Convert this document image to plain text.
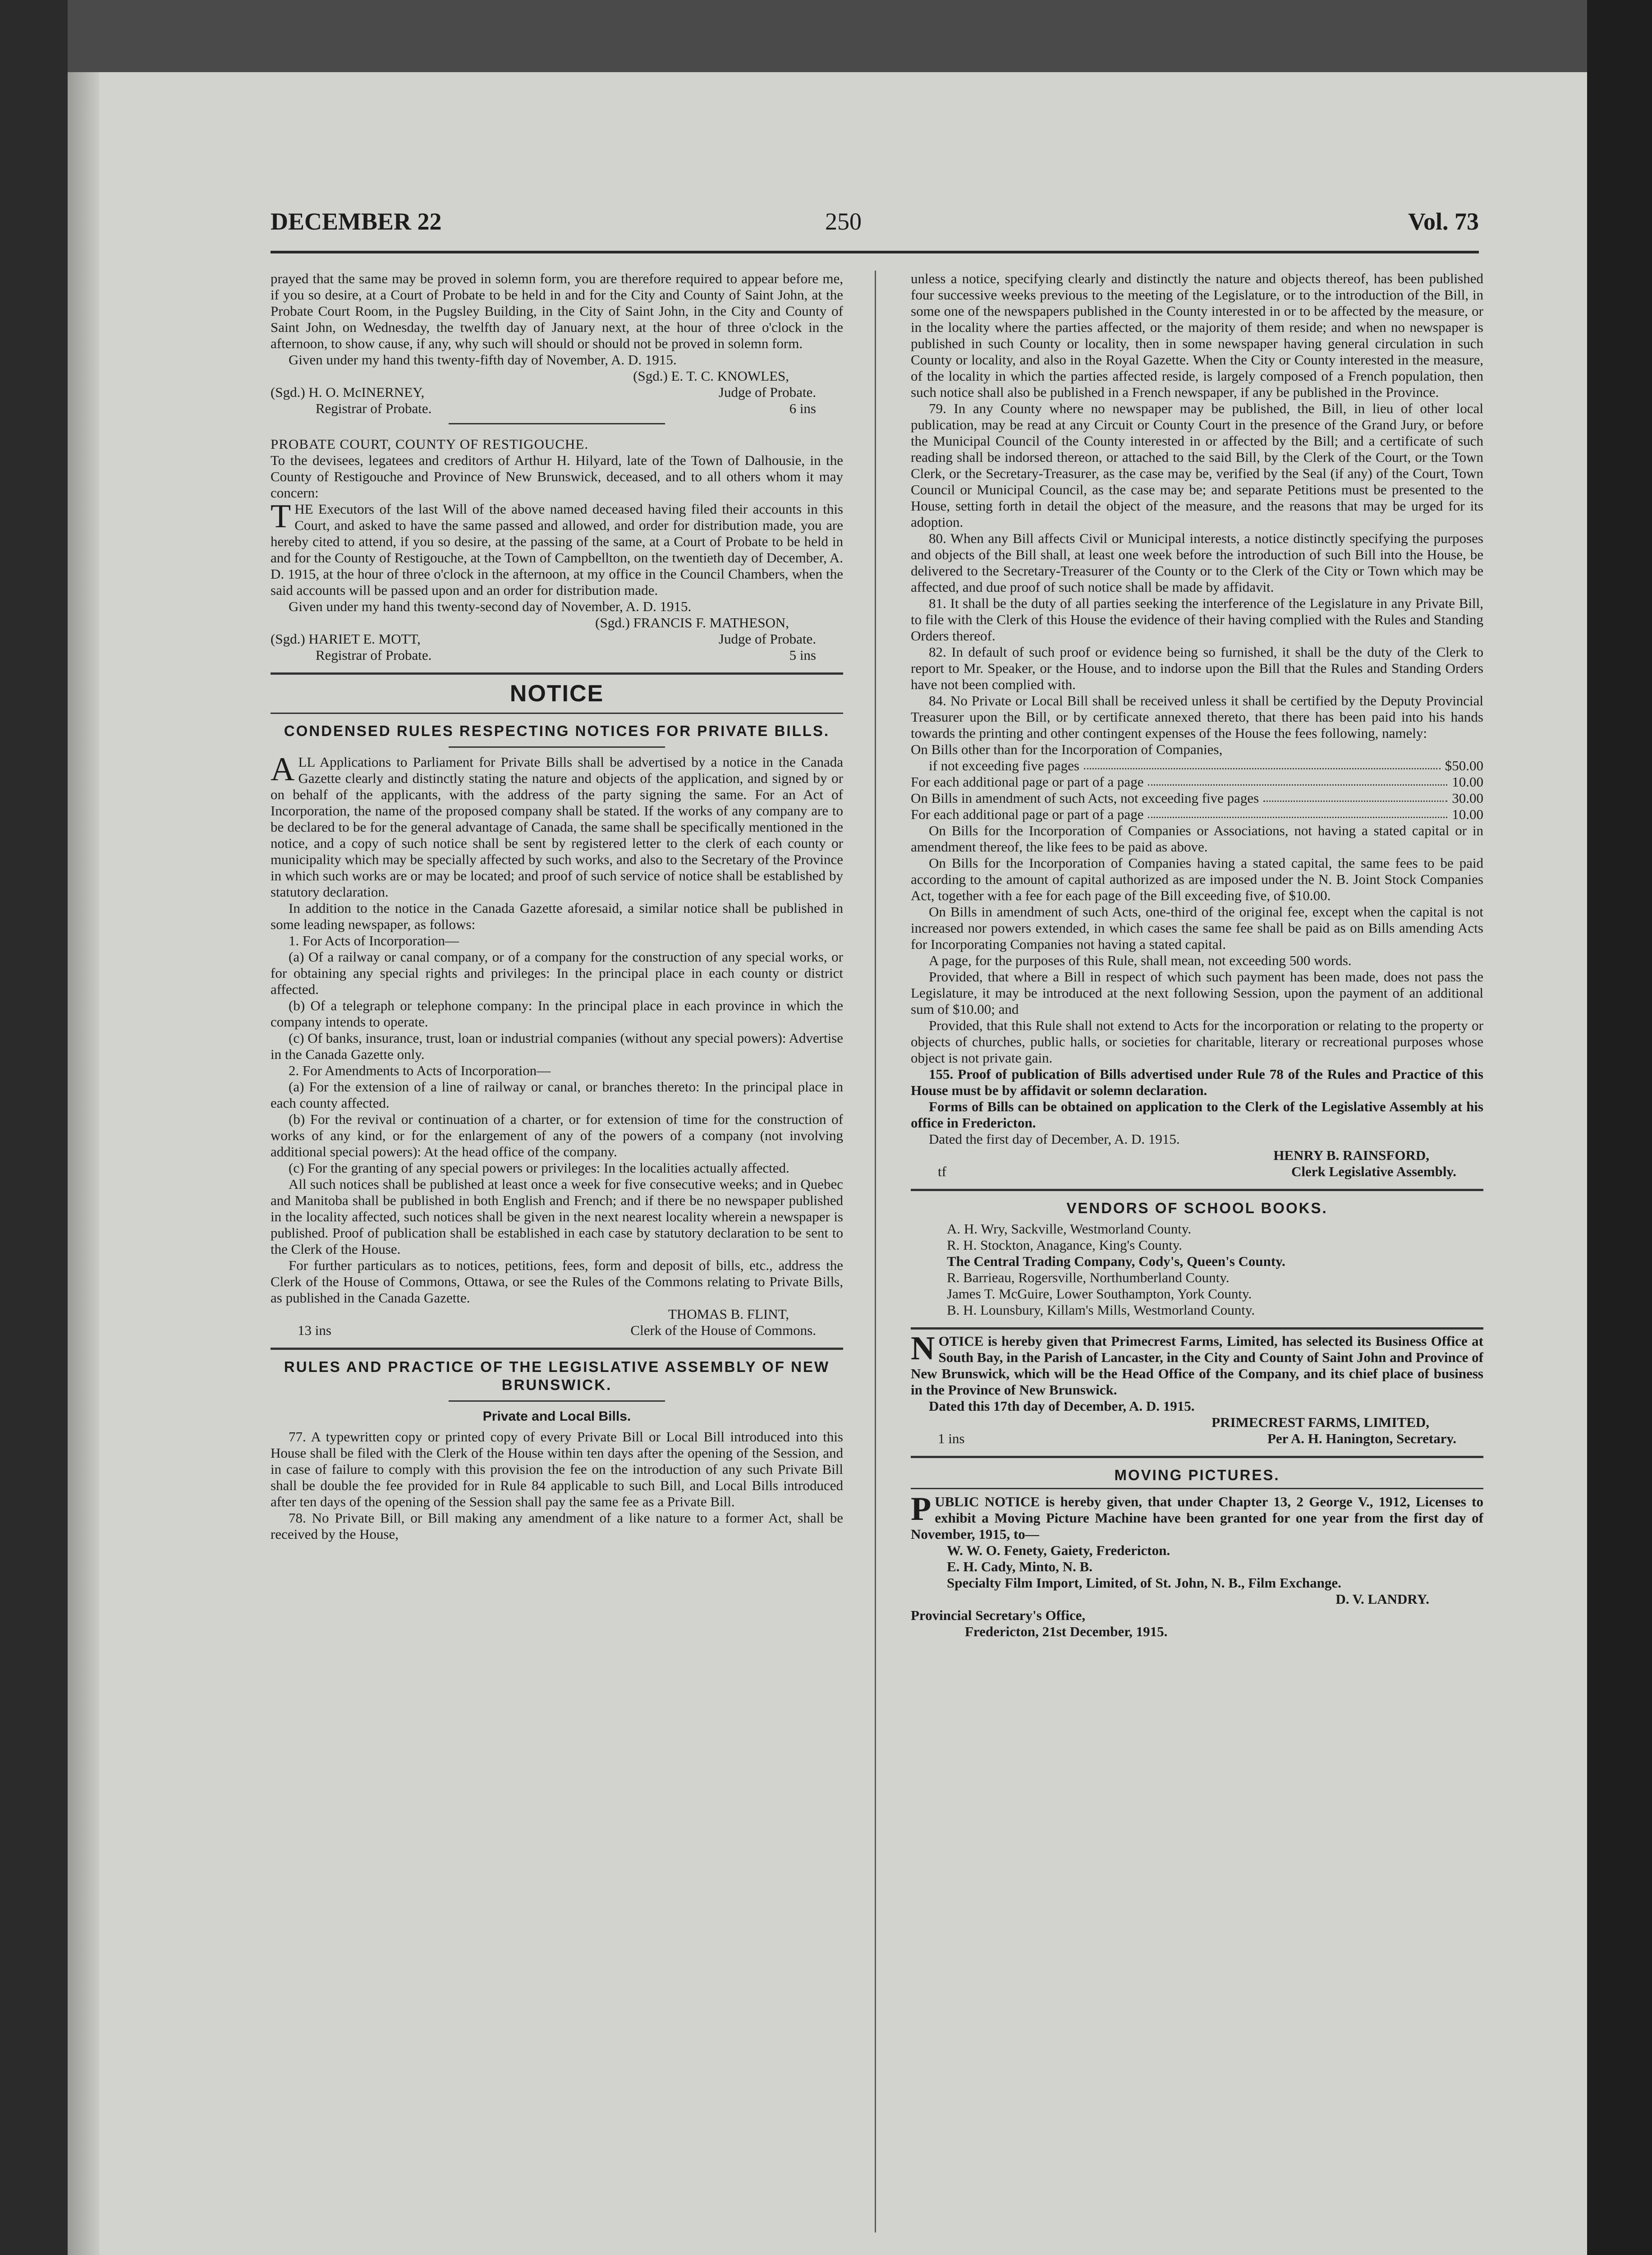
DECEMBER 22	250	Vol. 73

prayed that the same may be proved in solemn form, you are therefore required to appear before me, if you so desire, at a Court of Probate to be held in and for the City and County of Saint John, at the Probate Court Room, in the Pugsley Building, in the City of Saint John, in the City and County of Saint John, on Wednesday, the twelfth day of January next, at the hour of three o'clock in the afternoon, to show cause, if any, why such will should or should not be proved in solemn form.

Given under my hand this twenty-fifth day of November, A. D. 1915.

(Sgd.) E. T. C. KNOWLES,

(Sgd.) H. O. McINERNEY,	Judge of Probate.
Registrar of Probate.	6 ins

PROBATE COURT, COUNTY OF RESTIGOUCHE.

To the devisees, legatees and creditors of Arthur H. Hilyard, late of the Town of Dalhousie, in the County of Restigouche and Province of New Brunswick, deceased, and to all others whom it may concern:

THE Executors of the last Will of the above named deceased having filed their accounts in this Court, and asked to have the same passed and allowed, and order for distribution made, you are hereby cited to attend, if you so desire, at the passing of the same, at a Court of Probate to be held in and for the County of Restigouche, at the Town of Campbellton, on the twentieth day of December, A. D. 1915, at the hour of three o'clock in the afternoon, at my office in the Council Chambers, when the said accounts will be passed upon and an order for distribution made.

Given under my hand this twenty-second day of November, A. D. 1915.

(Sgd.) FRANCIS F. MATHESON,

(Sgd.) HARIET E. MOTT,	Judge of Probate.
Registrar of Probate.	5 ins

NOTICE

CONDENSED RULES RESPECTING NOTICES FOR PRIVATE BILLS.

ALL Applications to Parliament for Private Bills shall be advertised by a notice in the Canada Gazette clearly and distinctly stating the nature and objects of the application, and signed by or on behalf of the applicants, with the address of the party signing the same. For an Act of Incorporation, the name of the proposed company shall be stated. If the works of any company are to be declared to be for the general advantage of Canada, the same shall be specifically mentioned in the notice, and a copy of such notice shall be sent by registered letter to the clerk of each county or municipality which may be specially affected by such works, and also to the Secretary of the Province in which such works are or may be located; and proof of such service of notice shall be established by statutory declaration.

In addition to the notice in the Canada Gazette aforesaid, a similar notice shall be published in some leading newspaper, as follows:

1. For Acts of Incorporation—

(a) Of a railway or canal company, or of a company for the construction of any special works, or for obtaining any special rights and privileges: In the principal place in each county or district affected.

(b) Of a telegraph or telephone company: In the principal place in each province in which the company intends to operate.

(c) Of banks, insurance, trust, loan or industrial companies (without any special powers): Advertise in the Canada Gazette only.

2. For Amendments to Acts of Incorporation—

(a) For the extension of a line of railway or canal, or branches thereto: In the principal place in each county affected.

(b) For the revival or continuation of a charter, or for extension of time for the construction of works of any kind, or for the enlargement of any of the powers of a company (not involving additional special powers): At the head office of the company.

(c) For the granting of any special powers or privileges: In the localities actually affected.

All such notices shall be published at least once a week for five consecutive weeks; and in Quebec and Manitoba shall be published in both English and French; and if there be no newspaper published in the locality affected, such notices shall be given in the next nearest locality wherein a newspaper is published. Proof of publication shall be established in each case by statutory declaration to be sent to the Clerk of the House.

For further particulars as to notices, petitions, fees, form and deposit of bills, etc., address the Clerk of the House of Commons, Ottawa, or see the Rules of the Commons relating to Private Bills, as published in the Canada Gazette.

THOMAS B. FLINT,

13 ins	Clerk of the House of Commons.

RULES AND PRACTICE OF THE LEGISLATIVE ASSEMBLY OF NEW BRUNSWICK.

Private and Local Bills.

77. A typewritten copy or printed copy of every Private Bill or Local Bill introduced into this House shall be filed with the Clerk of the House within ten days after the opening of the Session, and in case of failure to comply with this provision the fee on the introduction of any such Private Bill shall be double the fee provided for in Rule 84 applicable to such Bill, and Local Bills introduced after ten days of the opening of the Session shall pay the same fee as a Private Bill.

78. No Private Bill, or Bill making any amendment of a like nature to a former Act, shall be received by the House,

unless a notice, specifying clearly and distinctly the nature and objects thereof, has been published four successive weeks previous to the meeting of the Legislature, or to the introduction of the Bill, in some one of the newspapers published in the County interested in or to be affected by the measure, or in the locality where the parties affected, or the majority of them reside; and when no newspaper is published in such County or locality, then in some newspaper having general circulation in such County or locality, and also in the Royal Gazette. When the City or County interested in the measure, of the locality in which the parties affected reside, is largely composed of a French population, then such notice shall also be published in a French newspaper, if any be published in the Province.

79. In any County where no newspaper may be published, the Bill, in lieu of other local publication, may be read at any Circuit or County Court in the presence of the Grand Jury, or before the Municipal Council of the County interested in or affected by the Bill; and a certificate of such reading shall be indorsed thereon, or attached to the said Bill, by the Clerk of the Court, or the Town Clerk, or the Secretary-Treasurer, as the case may be, verified by the Seal (if any) of the Court, Town Council or Municipal Council, as the case may be; and separate Petitions must be presented to the House, setting forth in detail the object of the measure, and the reasons that may be urged for its adoption.

80. When any Bill affects Civil or Municipal interests, a notice distinctly specifying the purposes and objects of the Bill shall, at least one week before the introduction of such Bill into the House, be delivered to the Secretary-Treasurer of the County or to the Clerk of the City or Town which may be affected, and due proof of such notice shall be made by affidavit.

81. It shall be the duty of all parties seeking the interference of the Legislature in any Private Bill, to file with the Clerk of this House the evidence of their having complied with the Rules and Standing Orders thereof.

82. In default of such proof or evidence being so furnished, it shall be the duty of the Clerk to report to Mr. Speaker, or the House, and to indorse upon the Bill that the Rules and Standing Orders have not been complied with.

84. No Private or Local Bill shall be received unless it shall be certified by the Deputy Provincial Treasurer upon the Bill, or by certificate annexed thereto, that there has been paid into his hands towards the printing and other contingent expenses of the House the fees following, namely:

On Bills other than for the Incorporation of Companies,

if not exceeding five pages	$50.00
For each additional page or part of a page	10.00
On Bills in amendment of such Acts, not exceeding five pages	30.00
For each additional page or part of a page	10.00

On Bills for the Incorporation of Companies or Associations, not having a stated capital or in amendment thereof, the like fees to be paid as above.

On Bills for the Incorporation of Companies having a stated capital, the same fees to be paid according to the amount of capital authorized as are imposed under the N. B. Joint Stock Companies Act, together with a fee for each page of the Bill exceeding five, of $10.00.

On Bills in amendment of such Acts, one-third of the original fee, except when the capital is not increased nor powers extended, in which cases the same fee shall be paid as on Bills amending Acts for Incorporating Companies not having a stated capital.

A page, for the purposes of this Rule, shall mean, not exceeding 500 words.

Provided, that where a Bill in respect of which such payment has been made, does not pass the Legislature, it may be introduced at the next following Session, upon the payment of an additional sum of $10.00; and

Provided, that this Rule shall not extend to Acts for the incorporation or relating to the property or objects of churches, public halls, or societies for charitable, literary or recreational purposes whose object is not private gain.

155. Proof of publication of Bills advertised under Rule 78 of the Rules and Practice of this House must be by affidavit or solemn declaration.

Forms of Bills can be obtained on application to the Clerk of the Legislative Assembly at his office in Fredericton.

Dated the first day of December, A. D. 1915.

HENRY B. RAINSFORD,

tf	Clerk Legislative Assembly.

VENDORS OF SCHOOL BOOKS.

A. H. Wry, Sackville, Westmorland County.

R. H. Stockton, Anagance, King's County.

The Central Trading Company, Cody's, Queen's County.

R. Barrieau, Rogersville, Northumberland County.

James T. McGuire, Lower Southampton, York County.

B. H. Lounsbury, Killam's Mills, Westmorland County.

NOTICE is hereby given that Primecrest Farms, Limited, has selected its Business Office at South Bay, in the Parish of Lancaster, in the City and County of Saint John and Province of New Brunswick, which will be the Head Office of the Company, and its chief place of business in the Province of New Brunswick.

Dated this 17th day of December, A. D. 1915.

PRIMECREST FARMS, LIMITED,

1 ins	Per A. H. Hanington, Secretary.

MOVING PICTURES.

PUBLIC NOTICE is hereby given, that under Chapter 13, 2 George V., 1912, Licenses to exhibit a Moving Picture Machine have been granted for one year from the first day of November, 1915, to—

W. W. O. Fenety, Gaiety, Fredericton.

E. H. Cady, Minto, N. B.

Specialty Film Import, Limited, of St. John, N. B., Film Exchange.

D. V. LANDRY.

Provincial Secretary's Office,

Fredericton, 21st December, 1915.
